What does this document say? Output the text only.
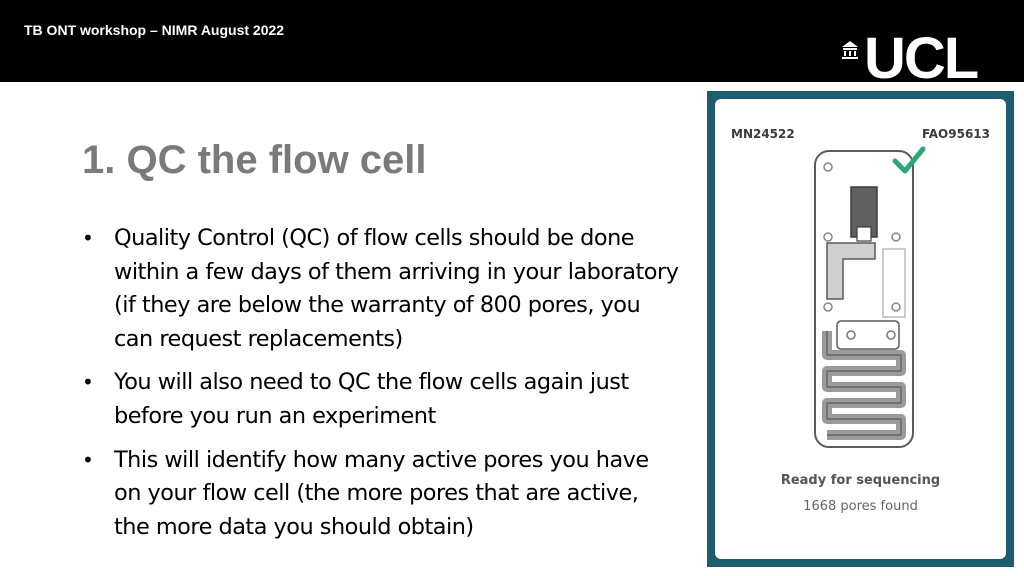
TB ONT workshop – NIMR August 2022	UCL
1. QC the flow cell
• Quality Control (QC) of flow cells should be done within a few days of them arriving in your laboratory (if they are below the warranty of 800 pores, you can request replacements)
• You will also need to QC the flow cells again just before you run an experiment
• This will identify how many active pores you have on your flow cell (the more pores that are active, the more data you should obtain)
MN24522	FAO95613
Ready for sequencing
1668 pores found
